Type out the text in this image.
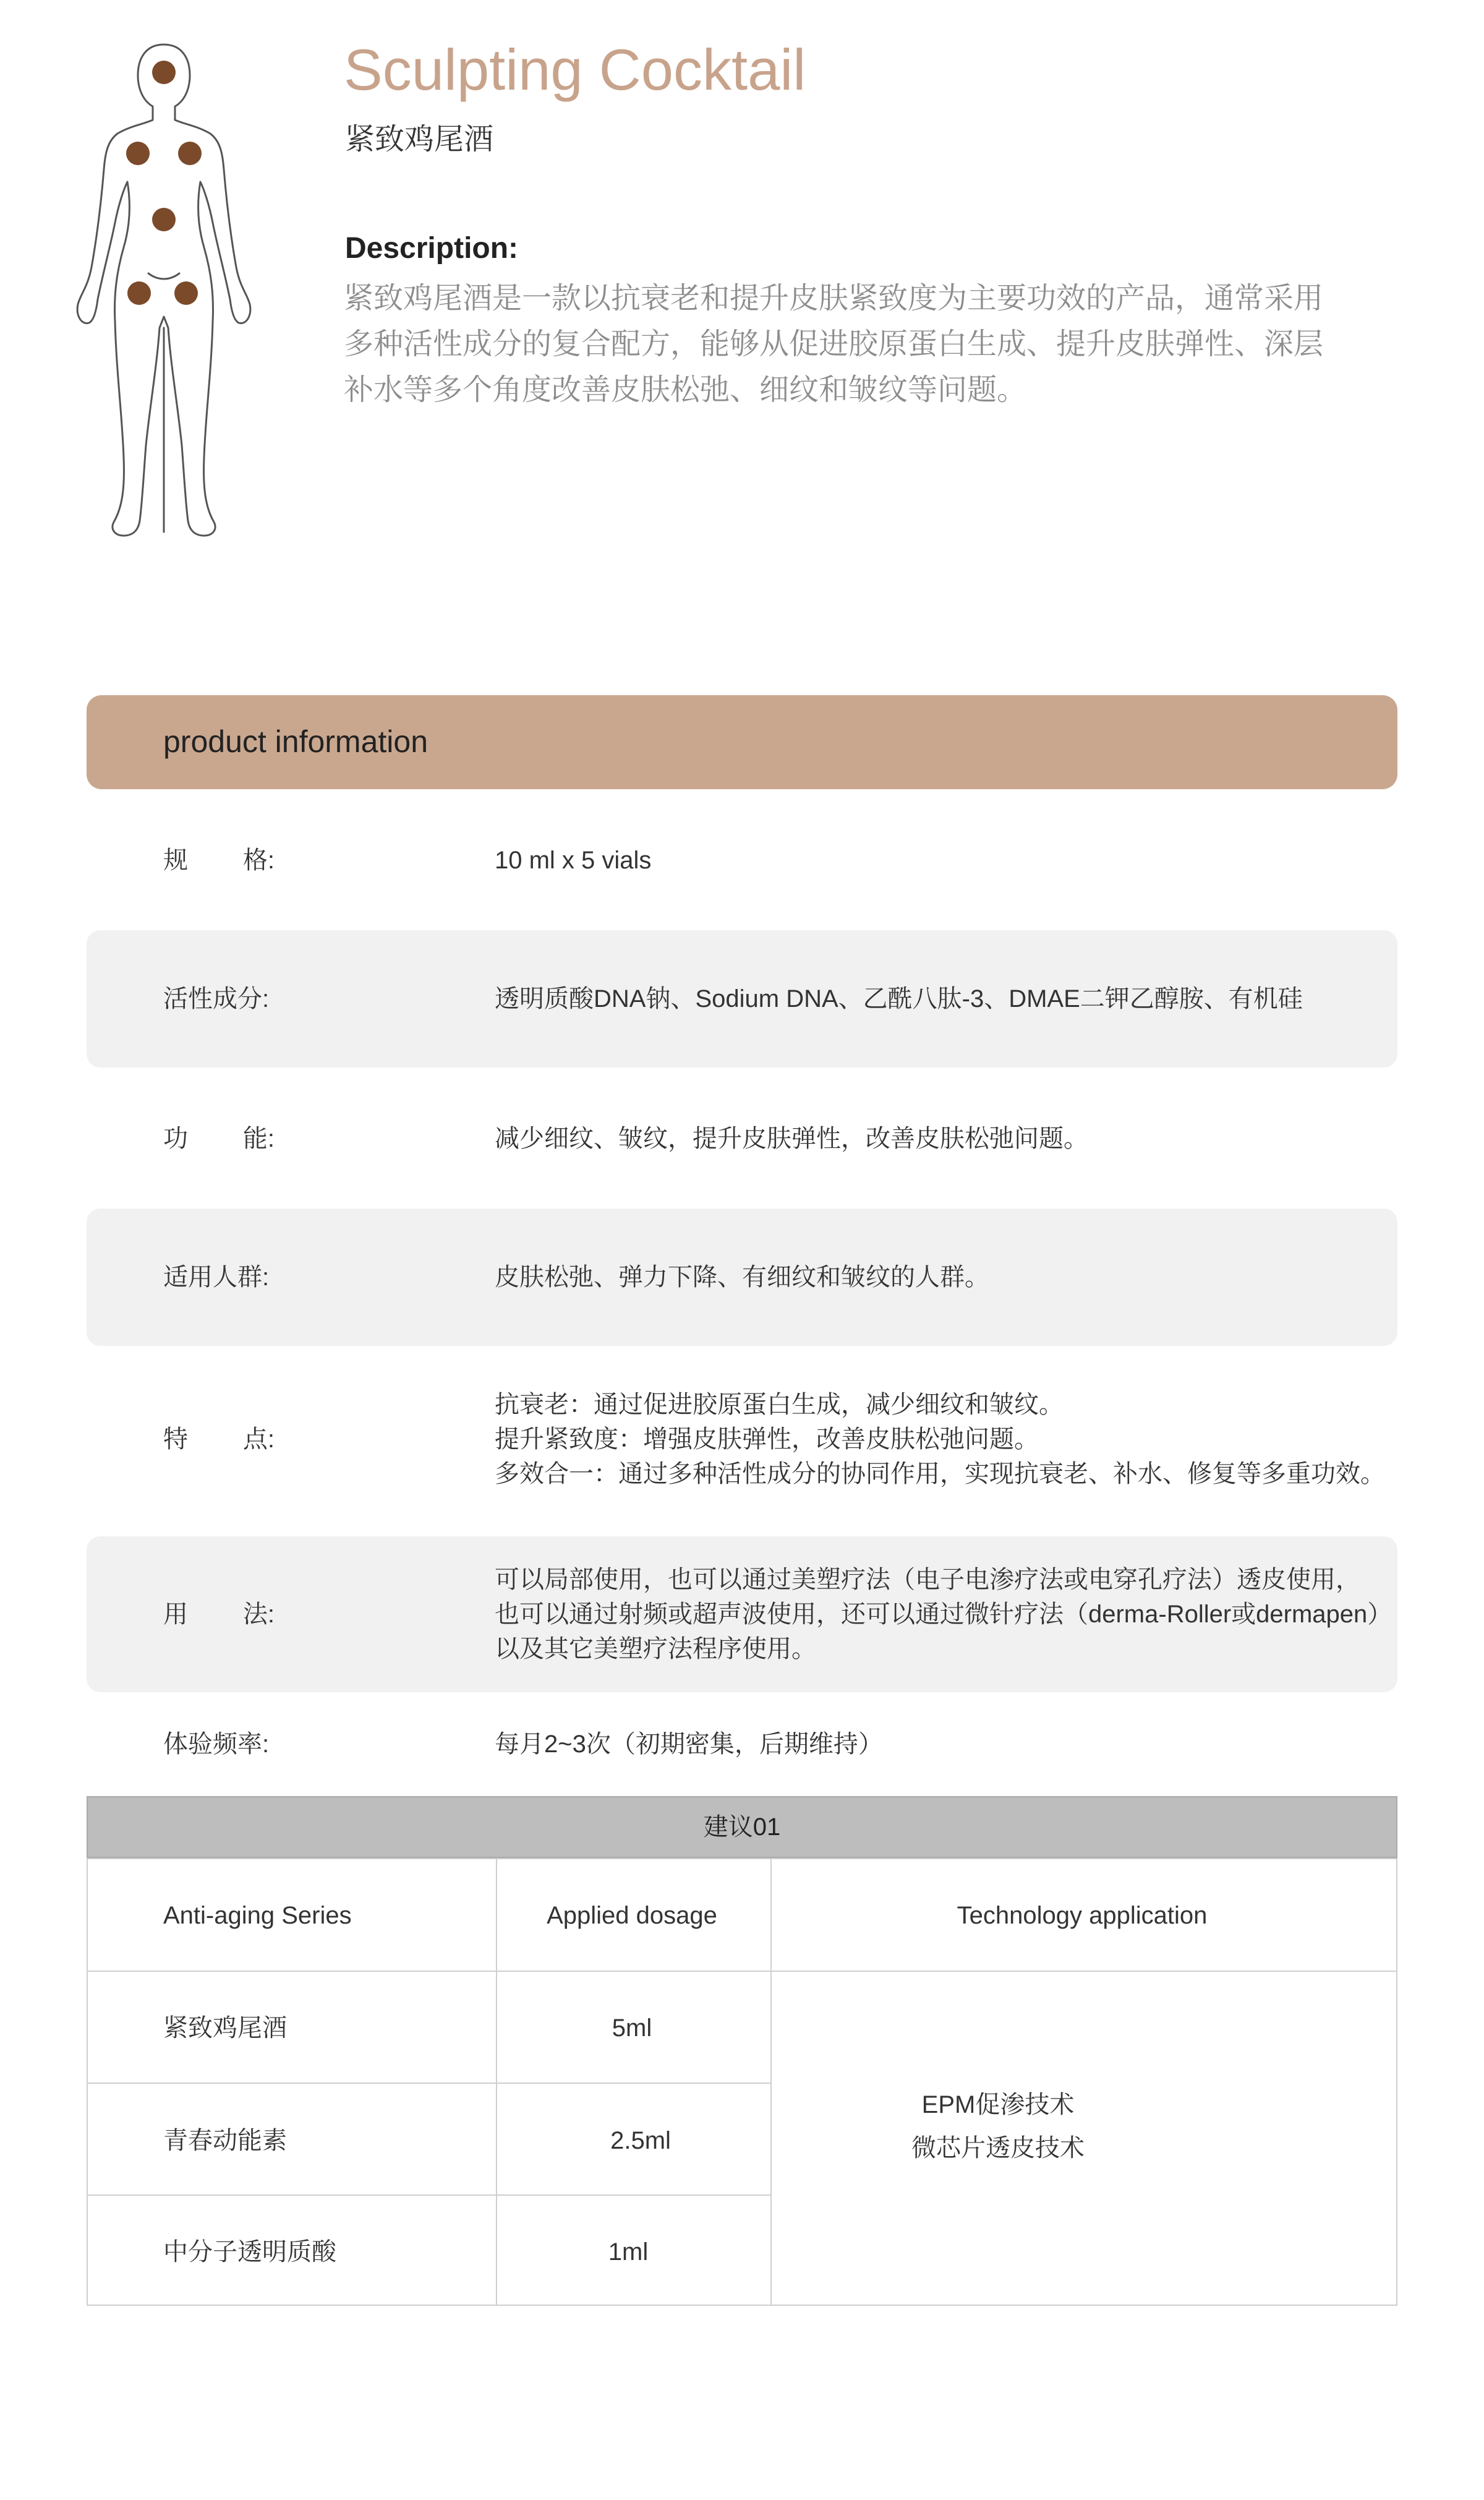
Sculpting Cocktail
紧致鸡尾酒
Description:
紧致鸡尾酒是一款以抗衰老和提升皮肤紧致度为主要功效的产品，通常采用
多种活性成分的复合配方，能够从促进胶原蛋白生成、提升皮肤弹性、深层
补水等多个角度改善皮肤松弛、细纹和皱纹等问题。
product information
规        格:	10 ml x 5 vials
活性成分:	透明质酸DNA钠、Sodium DNA、乙酰八肽-3、DMAE二钾乙醇胺、有机硅
功        能:	减少细纹、皱纹，提升皮肤弹性，改善皮肤松弛问题。
适用人群:	皮肤松弛、弹力下降、有细纹和皱纹的人群。
特        点:
抗衰老：通过促进胶原蛋白生成，减少细纹和皱纹。
提升紧致度：增强皮肤弹性，改善皮肤松弛问题。
多效合一：通过多种活性成分的协同作用，实现抗衰老、补水、修复等多重功效。
用        法:
可以局部使用，也可以通过美塑疗法（电子电渗疗法或电穿孔疗法）透皮使用，
也可以通过射频或超声波使用，还可以通过微针疗法（derma-Roller或dermapen）
以及其它美塑疗法程序使用。
体验频率:	每月2~3次（初期密集，后期维持）
建议01
Anti-aging Series	Applied dosage	Technology application
紧致鸡尾酒	5ml
青春动能素	2.5ml
中分子透明质酸	1ml
EPM促渗技术
微芯片透皮技术
